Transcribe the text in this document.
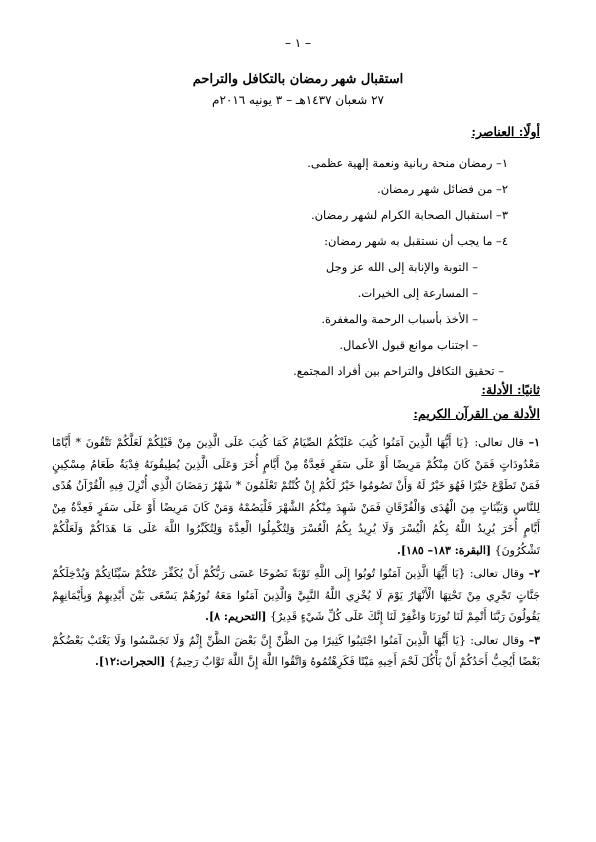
– ١ –
استقبال شهر رمضان بالتكافل والتراحم
٢٧ شعبان ١٤٣٧هـ – ٣ يونيه ٢٠١٦م
أولًا: العناصر:
١– رمضان منحة ربانية ونعمة إلهية عظمى.
٢– من فضائل شهر رمضان.
٣– استقبال الصحابة الكرام لشهر رمضان.
٤– ما يجب أن نستقبل به شهر رمضان:
– التوبة والإنابة إلى الله عز وجل
– المسارعة إلى الخيرات.
– الأخذ بأسباب الرحمة والمغفرة.
– اجتناب موانع قبول الأعمال.
– تحقيق التكافل والتراحم بين أفراد المجتمع.
ثانيًا: الأدلة:
الأدلة من القرآن الكريم:
١– قال تعالى: {يَا أَيُّهَا الَّذِينَ آمَنُوا كُتِبَ عَلَيْكُمُ الصِّيَامُ كَمَا كُتِبَ عَلَى الَّذِينَ مِنْ قَبْلِكُمْ لَعَلَّكُمْ تَتَّقُونَ * أَيَّامًا مَعْدُودَاتٍ فَمَنْ كَانَ مِنْكُمْ مَرِيضًا أَوْ عَلَى سَفَرٍ فَعِدَّةٌ مِنْ أَيَّامٍ أُخَرَ وَعَلَى الَّذِينَ يُطِيقُونَهُ فِدْيَةٌ طَعَامُ مِسْكِينٍ فَمَنْ تَطَوَّعَ خَيْرًا فَهُوَ خَيْرٌ لَهُ وَأَنْ تَصُومُوا خَيْرٌ لَكُمْ إِنْ كُنْتُمْ تَعْلَمُونَ * شَهْرُ رَمَضَانَ الَّذِي أُنْزِلَ فِيهِ الْقُرْآنُ هُدًى لِلنَّاسِ وَبَيِّنَاتٍ مِنَ الْهُدَى وَالْفُرْقَانِ فَمَنْ شَهِدَ مِنْكُمُ الشَّهْرَ فَلْيَصُمْهُ وَمَنْ كَانَ مَرِيضًا أَوْ عَلَى سَفَرٍ فَعِدَّةٌ مِنْ أَيَّامٍ أُخَرَ يُرِيدُ اللَّهُ بِكُمُ الْيُسْرَ وَلَا يُرِيدُ بِكُمُ الْعُسْرَ وَلِتُكْمِلُوا الْعِدَّةَ وَلِتُكَبِّرُوا اللَّهَ عَلَى مَا هَدَاكُمْ وَلَعَلَّكُمْ تَشْكُرُونَ} [البقرة: ١٨٣– ١٨٥].
٢– وقال تعالى: {يَا أَيُّهَا الَّذِينَ آمَنُوا تُوبُوا إِلَى اللَّهِ تَوْبَةً نَصُوحًا عَسَى رَبُّكُمْ أَنْ يُكَفِّرَ عَنْكُمْ سَيِّئَاتِكُمْ وَيُدْخِلَكُمْ جَنَّاتٍ تَجْرِي مِنْ تَحْتِهَا الْأَنْهَارُ يَوْمَ لَا يُخْزِي اللَّهُ النَّبِيَّ وَالَّذِينَ آمَنُوا مَعَهُ نُورُهُمْ يَسْعَى بَيْنَ أَيْدِيهِمْ وَبِأَيْمَانِهِمْ يَقُولُونَ رَبَّنَا أَتْمِمْ لَنَا نُورَنَا وَاغْفِرْ لَنَا إِنَّكَ عَلَى كُلِّ شَيْءٍ قَدِيرٌ} [التحريم: ٨].
٣– وقال تعالى: {يَا أَيُّهَا الَّذِينَ آمَنُوا اجْتَنِبُوا كَثِيرًا مِنَ الظَّنِّ إِنَّ بَعْضَ الظَّنِّ إِثْمٌ وَلَا تَجَسَّسُوا وَلَا يَغْتَبْ بَعْضُكُمْ بَعْضًا أَيُحِبُّ أَحَدُكُمْ أَنْ يَأْكُلَ لَحْمَ أَخِيهِ مَيْتًا فَكَرِهْتُمُوهُ وَاتَّقُوا اللَّهَ إِنَّ اللَّهَ تَوَّابٌ رَحِيمٌ} [الحجرات:١٢].
